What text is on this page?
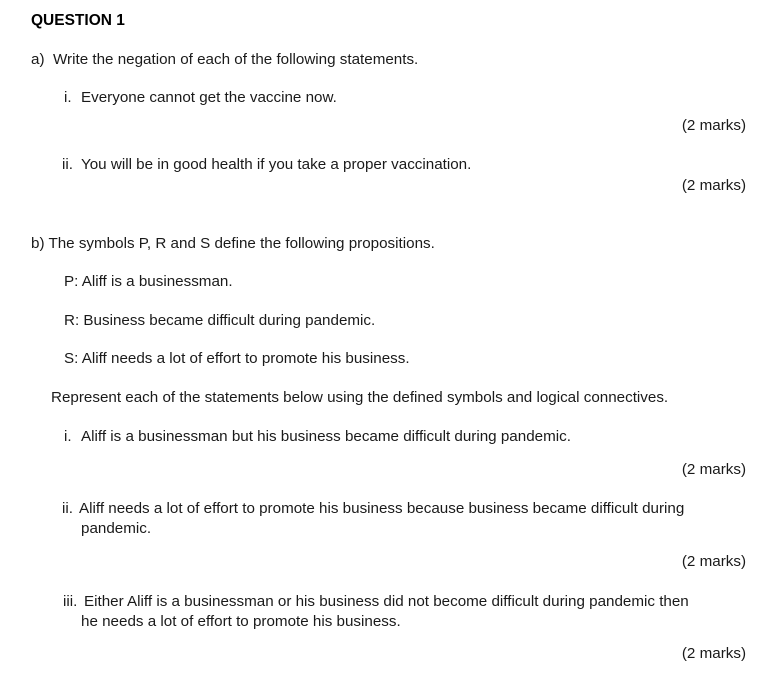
QUESTION 1
a) Write the negation of each of the following statements.
i. Everyone cannot get the vaccine now.
(2 marks)
ii. You will be in good health if you take a proper vaccination.
(2 marks)
b) The symbols P, R and S define the following propositions.
P: Aliff is a businessman.
R: Business became difficult during pandemic.
S: Aliff needs a lot of effort to promote his business.
Represent each of the statements below using the defined symbols and logical connectives.
i. Aliff is a businessman but his business became difficult during pandemic.
(2 marks)
ii. Aliff needs a lot of effort to promote his business because business became difficult during
pandemic.
(2 marks)
iii. Either Aliff is a businessman or his business did not become difficult during pandemic then
he needs a lot of effort to promote his business.
(2 marks)
